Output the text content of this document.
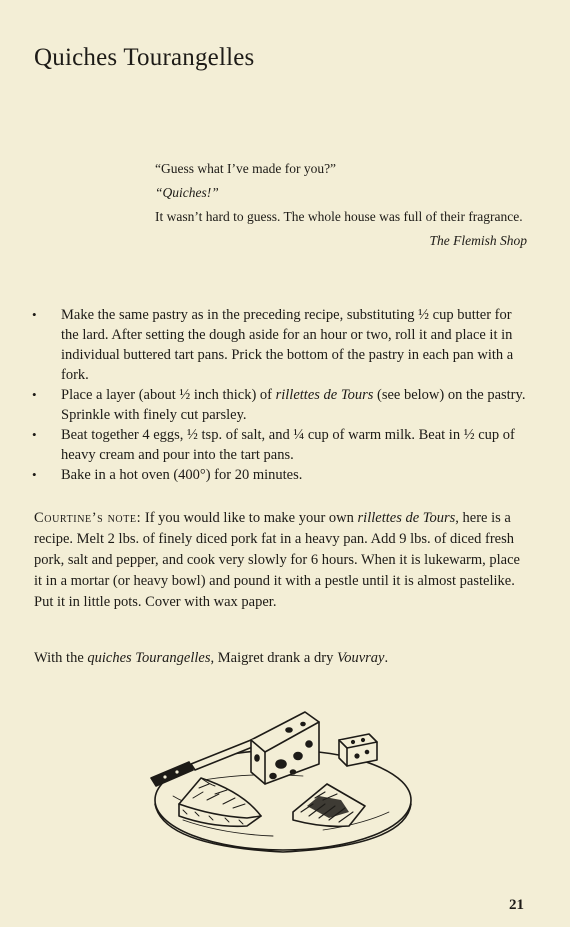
Quiches Tourangelles

“Guess what I’ve made for you?”

“Quiches!”

It wasn’t hard to guess. The whole house was full of their fragrance.

The Flemish Shop

• Make the same pastry as in the preceding recipe, substituting ½ cup butter for the lard. After setting the dough aside for an hour or two, roll it and place it in individual buttered tart pans. Prick the bottom of the pastry in each pan with a fork.
• Place a layer (about ½ inch thick) of rillettes de Tours (see below) on the pastry. Sprinkle with finely cut parsley.
• Beat together 4 eggs, ½ tsp. of salt, and ¼ cup of warm milk. Beat in ½ cup of heavy cream and pour into the tart pans.
• Bake in a hot oven (400°) for 20 minutes.

Courtine’s note: If you would like to make your own rillettes de Tours, here is a recipe. Melt 2 lbs. of finely diced pork fat in a heavy pan. Add 9 lbs. of diced fresh pork, salt and pepper, and cook very slowly for 6 hours. When it is lukewarm, place it in a mortar (or heavy bowl) and pound it with a pestle until it is almost pastelike. Put it in little pots. Cover with wax paper.

With the quiches Tourangelles, Maigret drank a dry Vouvray.

21
